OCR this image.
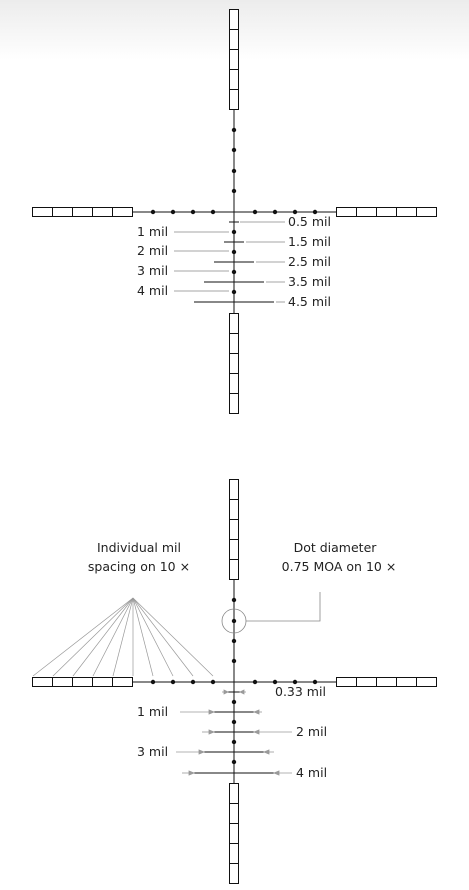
1 mil
2 mil
3 mil
4 mil
0.5 mil
1.5 mil
2.5 mil
3.5 mil
4.5 mil
Individual mil
spacing on 10 ×
Dot diameter
0.75 MOA on 10 ×
0.33 mil
1 mil
2 mil
3 mil
4 mil
